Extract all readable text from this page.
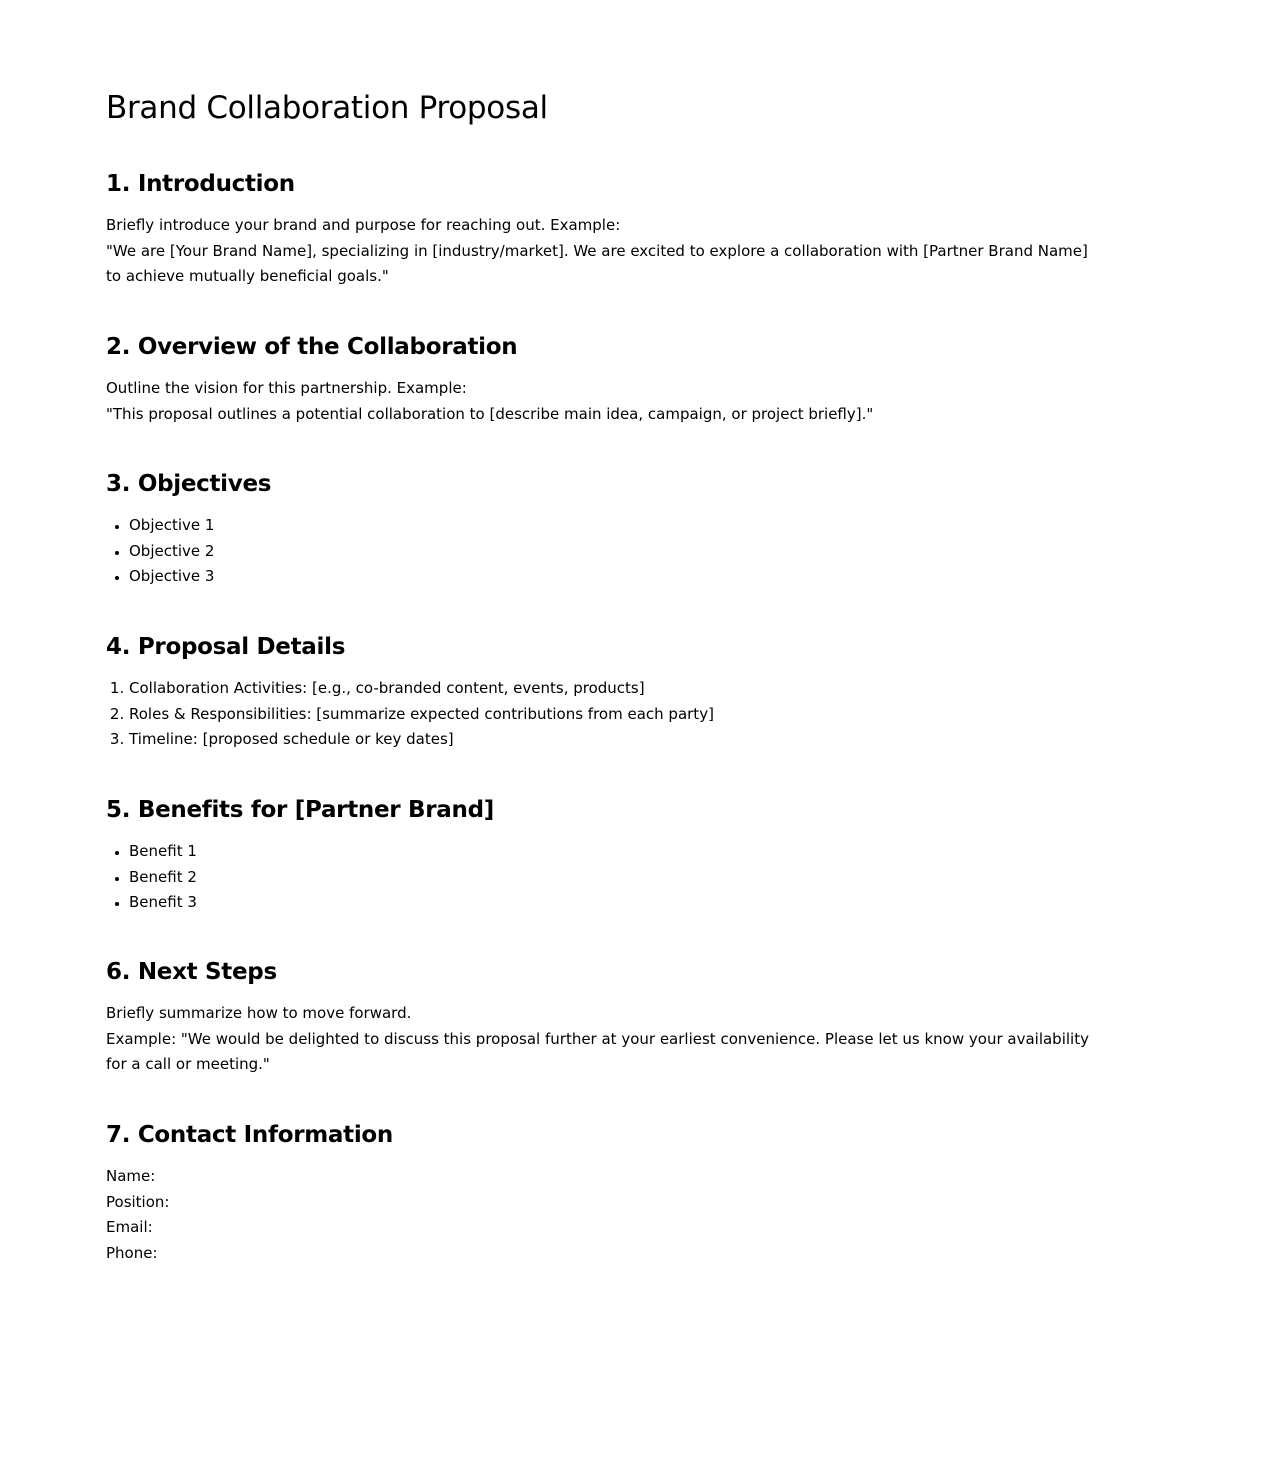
Brand Collaboration Proposal
1. Introduction

Briefly introduce your brand and purpose for reaching out. Example:

"We are [Your Brand Name], specializing in [industry/market]. We are excited to explore a collaboration with [Partner Brand Name] to achieve mutually beneficial goals."

2. Overview of the Collaboration

Outline the vision for this partnership. Example:

"This proposal outlines a potential collaboration to [describe main idea, campaign, or project briefly]."

3. Objectives
• Objective 1
• Objective 2
• Objective 3
4. Proposal Details
1. Collaboration Activities: [e.g., co-branded content, events, products]
2. Roles & Responsibilities: [summarize expected contributions from each party]
3. Timeline: [proposed schedule or key dates]
5. Benefits for [Partner Brand]
• Benefit 1
• Benefit 2
• Benefit 3
6. Next Steps

Briefly summarize how to move forward.

Example: "We would be delighted to discuss this proposal further at your earliest convenience. Please let us know your availability for a call or meeting."

7. Contact Information

Name:

Position:

Email:

Phone:
